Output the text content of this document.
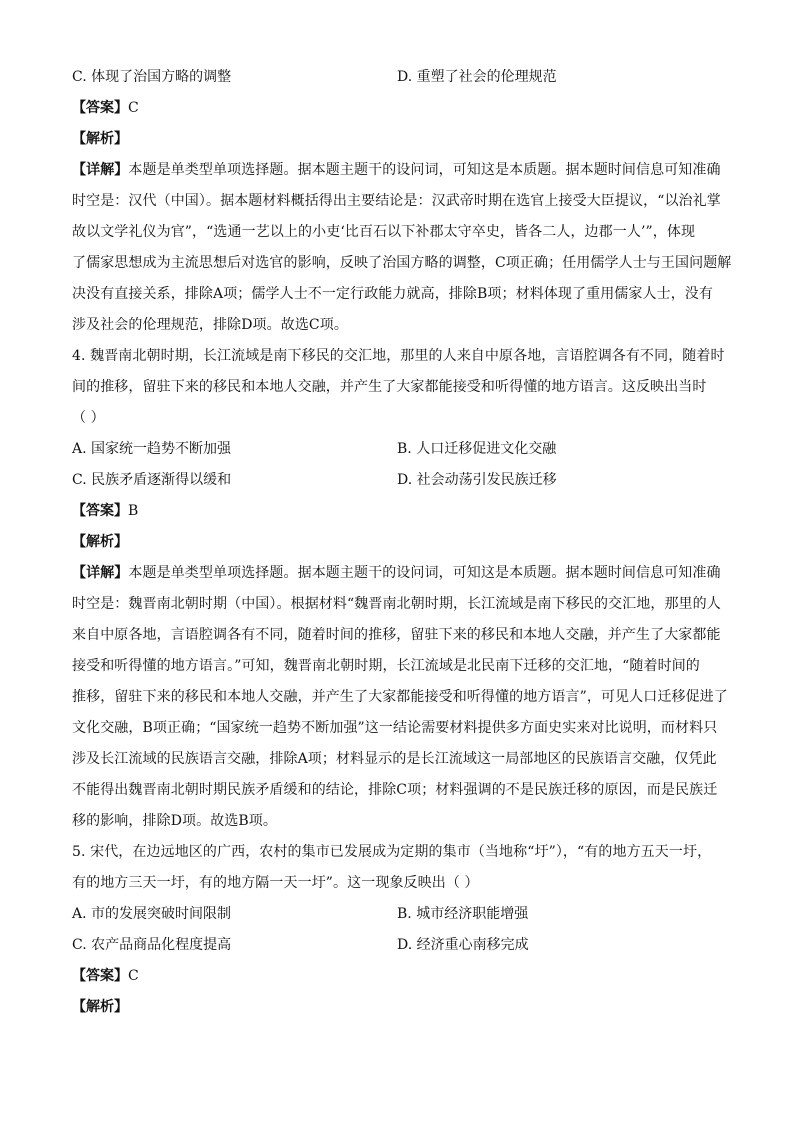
C. 体现了治国方略的调整	D. 重塑了社会的伦理规范
【答案】C
【解析】
【详解】本题是单类型单项选择题。据本题主题干的设问词，可知这是本质题。据本题时间信息可知准确
时空是：汉代（中国）。据本题材料概括得出主要结论是：汉武帝时期在选官上接受大臣提议，“以治礼掌
故以文学礼仪为官”，“选通一艺以上的小吏‘比百石以下补郡太守卒史，皆各二人，边郡一人’”，体现
了儒家思想成为主流思想后对选官的影响，反映了治国方略的调整，C项正确；任用儒学人士与王国问题解
决没有直接关系，排除A项；儒学人士不一定行政能力就高，排除B项；材料体现了重用儒家人士，没有
涉及社会的伦理规范，排除D项。故选C项。
4. 魏晋南北朝时期，长江流域是南下移民的交汇地，那里的人来自中原各地，言语腔调各有不同，随着时
间的推移，留驻下来的移民和本地人交融，并产生了大家都能接受和听得懂的地方语言。这反映出当时
（ ）
A. 国家统一趋势不断加强	B. 人口迁移促进文化交融
C. 民族矛盾逐渐得以缓和	D. 社会动荡引发民族迁移
【答案】B
【解析】
【详解】本题是单类型单项选择题。据本题主题干的设问词，可知这是本质题。据本题时间信息可知准确
时空是：魏晋南北朝时期（中国）。根据材料“魏晋南北朝时期，长江流域是南下移民的交汇地，那里的人
来自中原各地，言语腔调各有不同，随着时间的推移，留驻下来的移民和本地人交融，并产生了大家都能
接受和听得懂的地方语言。”可知，魏晋南北朝时期，长江流域是北民南下迁移的交汇地，“随着时间的
推移，留驻下来的移民和本地人交融，并产生了大家都能接受和听得懂的地方语言”，可见人口迁移促进了
文化交融，B项正确；“国家统一趋势不断加强”这一结论需要材料提供多方面史实来对比说明，而材料只
涉及长江流域的民族语言交融，排除A项；材料显示的是长江流域这一局部地区的民族语言交融，仅凭此
不能得出魏晋南北朝时期民族矛盾缓和的结论，排除C项；材料强调的不是民族迁移的原因，而是民族迁
移的影响，排除D项。故选B项。
5. 宋代，在边远地区的广西，农村的集市已发展成为定期的集市（当地称“圩”），“有的地方五天一圩，
有的地方三天一圩，有的地方隔一天一圩”。这一现象反映出（ ）
A. 市的发展突破时间限制	B. 城市经济职能增强
C. 农产品商品化程度提高	D. 经济重心南移完成
【答案】C
【解析】
